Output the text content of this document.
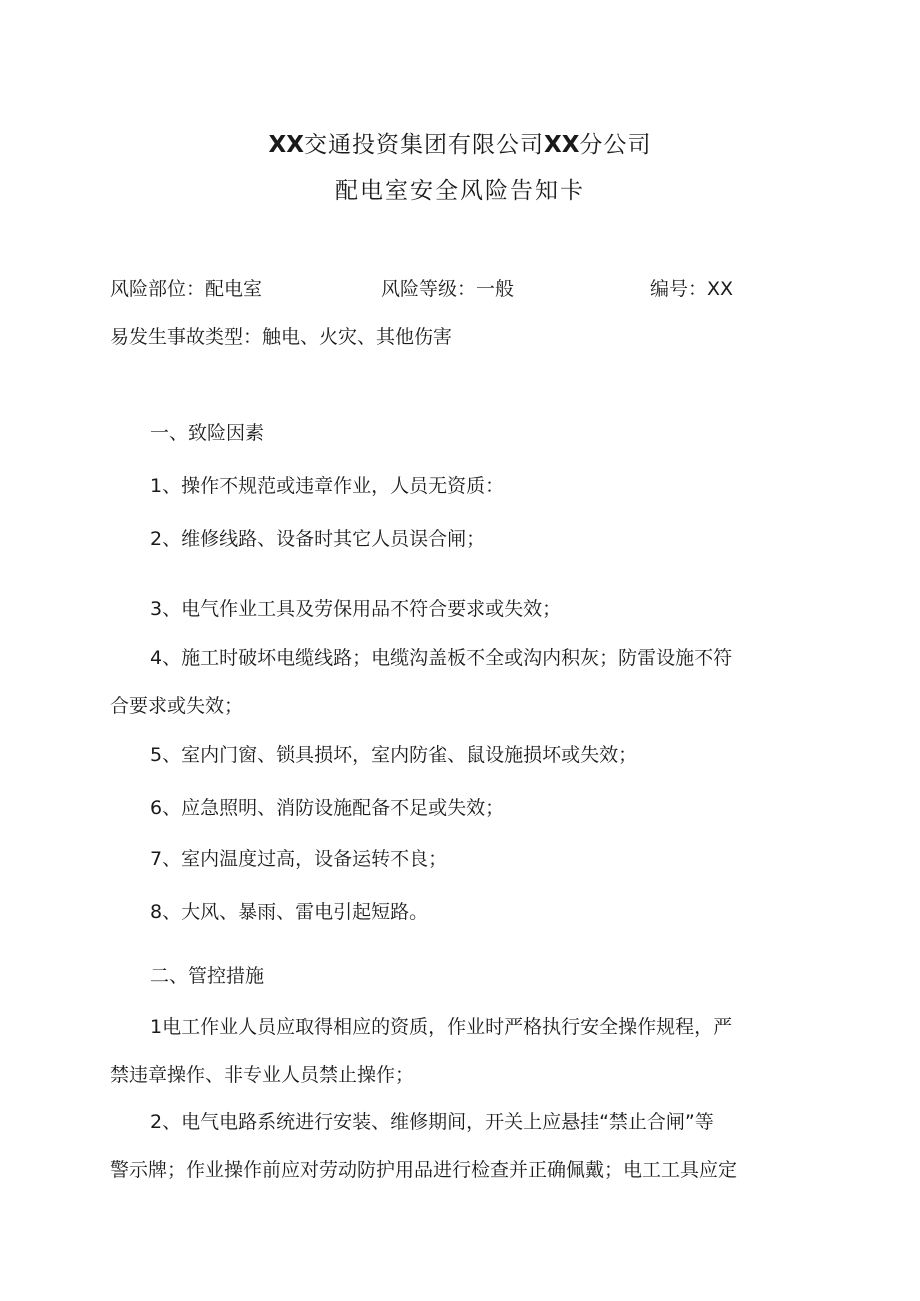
XX交通投资集团有限公司XX分公司
配电室安全风险告知卡
风险部位：配电室	风险等级：一般	编号：XX
易发生事故类型：触电、火灾、其他伤害
一、致险因素
1、操作不规范或违章作业，人员无资质：
2、维修线路、设备时其它人员误合闸；
3、电气作业工具及劳保用品不符合要求或失效；
4、施工时破坏电缆线路；电缆沟盖板不全或沟内积灰；防雷设施不符
合要求或失效；
5、室内门窗、锁具损坏，室内防雀、鼠设施损坏或失效；
6、应急照明、消防设施配备不足或失效；
7、室内温度过高，设备运转不良；
8、大风、暴雨、雷电引起短路。
二、管控措施
1电工作业人员应取得相应的资质，作业时严格执行安全操作规程，严
禁违章操作、非专业人员禁止操作；
2、电气电路系统进行安装、维修期间，开关上应悬挂“禁止合闸”等
警示牌；作业操作前应对劳动防护用品进行检查并正确佩戴；电工工具应定
